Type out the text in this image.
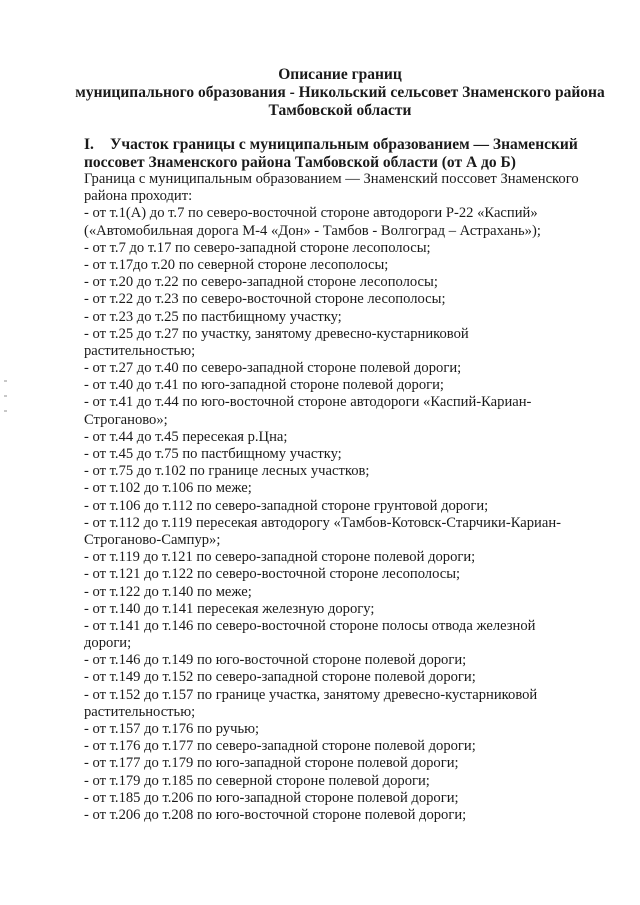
Описание границ
муниципального образования - Никольский сельсовет Знаменского района
Тамбовской области
I. Участок границы с муниципальным образованием — Знаменский
поссовет Знаменского района Тамбовской области (от А до Б)
Граница с муниципальным образованием — Знаменский поссовет Знаменского
района проходит:
- от т.1(А) до т.7 по северо-восточной стороне автодороги Р-22 «Каспий»
(«Автомобильная дорога М-4 «Дон» - Тамбов - Волгоград – Астрахань»);
- от т.7 до т.17 по северо-западной стороне лесополосы;
- от т.17до т.20 по северной стороне лесополосы;
- от т.20 до т.22 по северо-западной стороне лесополосы;
- от т.22 до т.23 по северо-восточной стороне лесополосы;
- от т.23 до т.25 по пастбищному участку;
- от т.25 до т.27 по участку, занятому древесно-кустарниковой
растительностью;
- от т.27 до т.40 по северо-западной стороне полевой дороги;
- от т.40 до т.41 по юго-западной стороне полевой дороги;
- от т.41 до т.44 по юго-восточной стороне автодороги «Каспий-Кариан-
Строганово»;
- от т.44 до т.45 пересекая р.Цна;
- от т.45 до т.75 по пастбищному участку;
- от т.75 до т.102 по границе лесных участков;
- от т.102 до т.106 по меже;
- от т.106 до т.112 по северо-западной стороне грунтовой дороги;
- от т.112 до т.119 пересекая автодорогу «Тамбов-Котовск-Старчики-Кариан-
Строганово-Сампур»;
- от т.119 до т.121 по северо-западной стороне полевой дороги;
- от т.121 до т.122 по северо-восточной стороне лесополосы;
- от т.122 до т.140 по меже;
- от т.140 до т.141 пересекая железную дорогу;
- от т.141 до т.146 по северо-восточной стороне полосы отвода железной
дороги;
- от т.146 до т.149 по юго-восточной стороне полевой дороги;
- от т.149 до т.152 по северо-западной стороне полевой дороги;
- от т.152 до т.157 по границе участка, занятому древесно-кустарниковой
растительностью;
- от т.157 до т.176 по ручью;
- от т.176 до т.177 по северо-западной стороне полевой дороги;
- от т.177 до т.179 по юго-западной стороне полевой дороги;
- от т.179 до т.185 по северной стороне полевой дороги;
- от т.185 до т.206 по юго-западной стороне полевой дороги;
- от т.206 до т.208 по юго-восточной стороне полевой дороги;
